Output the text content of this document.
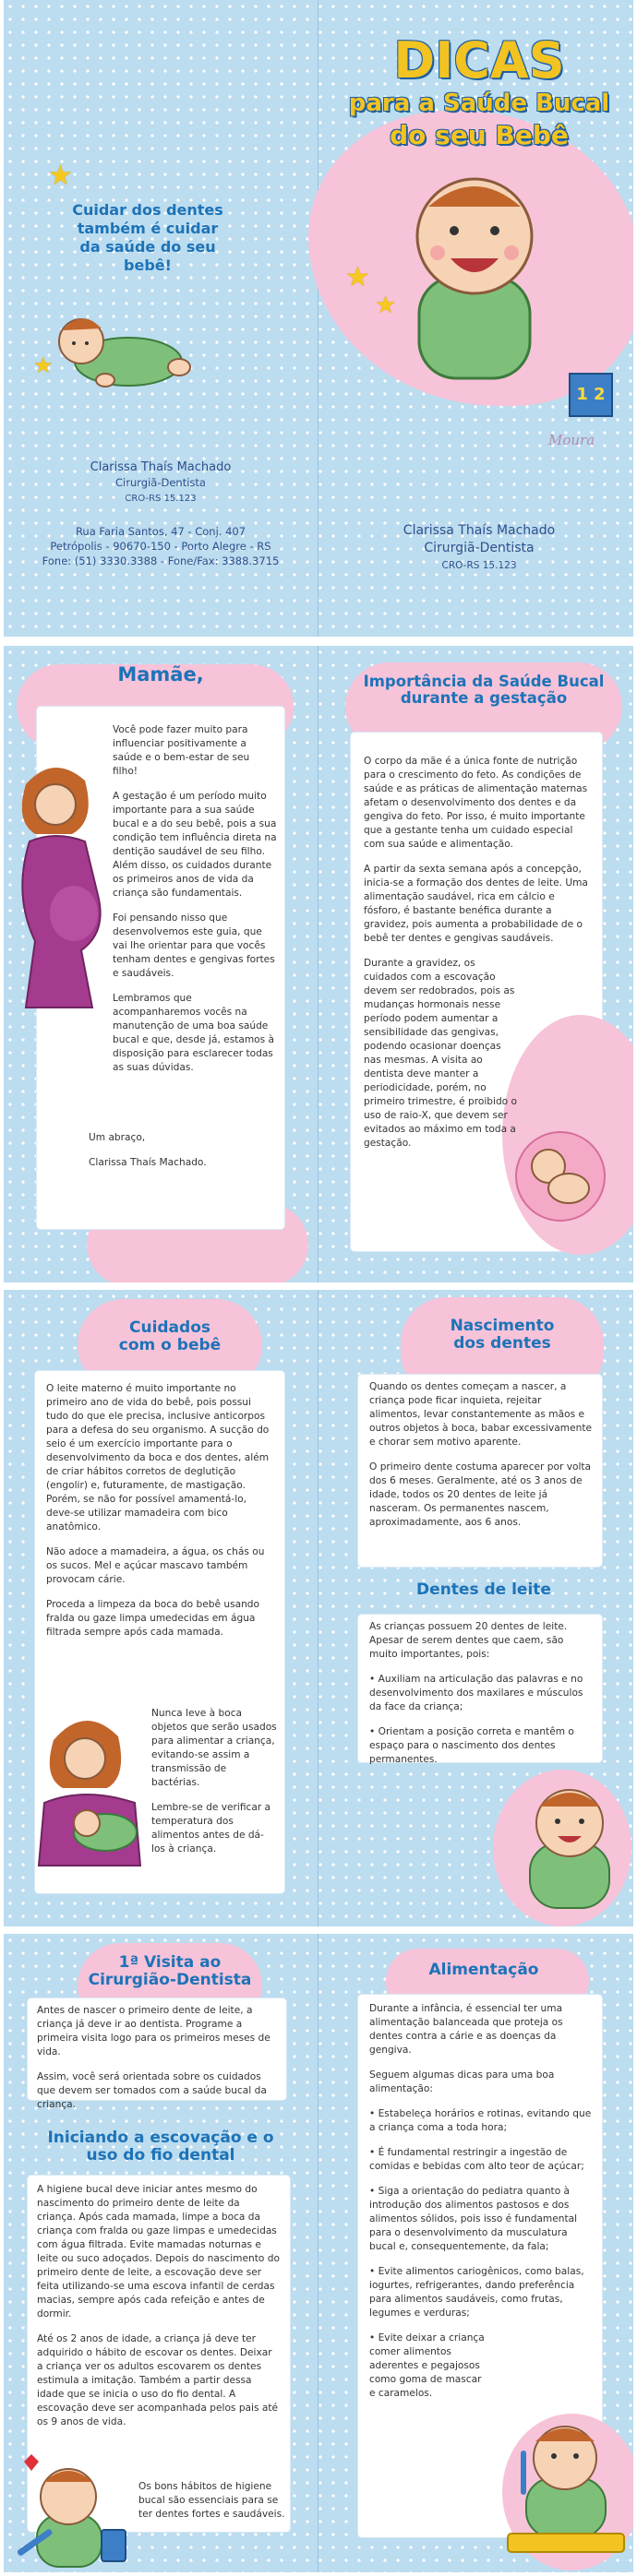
★
★
Cuidar dos dentes
também é cuidar
da saúde do seu
bebê!
Clarissa Thaís Machado
Cirurgiã-Dentista
CRO-RS 15.123
Rua Faria Santos, 47 - Conj. 407
Petrópolis - 90670-150 - Porto Alegre - RS
Fone: (51) 3330.3388 - Fone/Fax: 3388.3715
DICAS
para a Saúde Bucal
do seu Bebê
★
★
1 2
Moura
Clarissa Thaís Machado
Cirurgiã-Dentista
CRO-RS 15.123
Mamãe,

Você pode fazer muito para influenciar positivamente a saúde e o bem-estar de seu filho!

A gestação é um período muito importante para a sua saúde bucal e a do seu bebê, pois a sua condição tem influência direta na dentição saudável de seu filho. Além disso, os cuidados durante os primeiros anos de vida da criança são fundamentais.

Foi pensando nisso que desenvolvemos este guia, que vai lhe orientar para que vocês tenham dentes e gengivas fortes e saudáveis.

Lembramos que acompanharemos vocês na manutenção de uma boa saúde bucal e que, desde já, estamos à disposição para esclarecer todas as suas dúvidas.

Um abraço,

Clarissa Thaís Machado.

Importância da Saúde Bucal
durante a gestação

O corpo da mãe é a única fonte de nutrição para o crescimento do feto. As condições de saúde e as práticas de alimentação maternas afetam o desenvolvimento dos dentes e da gengiva do feto. Por isso, é muito importante que a gestante tenha um cuidado especial com sua saúde e alimentação.

A partir da sexta semana após a concepção, inicia-se a formação dos dentes de leite. Uma alimentação saudável, rica em cálcio e fósforo, é bastante benéfica durante a gravidez, pois aumenta a probabilidade de o bebê ter dentes e gengivas saudáveis.

Durante a gravidez, os cuidados com a escovação devem ser redobrados, pois as mudanças hormonais nesse período podem aumentar a sensibilidade das gengivas, podendo ocasionar doenças nas mesmas. A visita ao dentista deve manter a periodicidade, porém, no primeiro trimestre, é proibido o uso de raio-X, que devem ser evitados ao máximo em toda a gestação.

Cuidados
com o bebê

O leite materno é muito importante no primeiro ano de vida do bebê, pois possui tudo do que ele precisa, inclusive anticorpos para a defesa do seu organismo. A sucção do seio é um exercício importante para o desenvolvimento da boca e dos dentes, além de criar hábitos corretos de deglutição (engolir) e, futuramente, de mastigação. Porém, se não for possível amamentá-lo, deve-se utilizar mamadeira com bico anatômico.

Não adoce a mamadeira, a água, os chás ou os sucos. Mel e açúcar mascavo também provocam cárie.

Proceda a limpeza da boca do bebê usando fralda ou gaze limpa umedecidas em água filtrada sempre após cada mamada.

Nunca leve à boca objetos que serão usados para alimentar a criança, evitando-se assim a transmissão de bactérias.

Lembre-se de verificar a temperatura dos alimentos antes de dá-los à criança.

Nascimento
dos dentes

Quando os dentes começam a nascer, a criança pode ficar inquieta, rejeitar alimentos, levar constantemente as mãos e outros objetos à boca, babar excessivamente e chorar sem motivo aparente.

O primeiro dente costuma aparecer por volta dos 6 meses. Geralmente, até os 3 anos de idade, todos os 20 dentes de leite já nasceram. Os permanentes nascem, aproximadamente, aos 6 anos.

Dentes de leite

As crianças possuem 20 dentes de leite. Apesar de serem dentes que caem, são muito importantes, pois:

• Auxiliam na articulação das palavras e no desenvolvimento dos maxilares e músculos da face da criança;

• Orientam a posição correta e mantêm o espaço para o nascimento dos dentes permanentes.

1ª Visita ao
Cirurgião-Dentista

Antes de nascer o primeiro dente de leite, a criança já deve ir ao dentista. Programe a primeira visita logo para os primeiros meses de vida.

Assim, você será orientada sobre os cuidados que devem ser tomados com a saúde bucal da criança.

Iniciando a escovação e o
uso do fio dental

A higiene bucal deve iniciar antes mesmo do nascimento do primeiro dente de leite da criança. Após cada mamada, limpe a boca da criança com fralda ou gaze limpas e umedecidas com água filtrada. Evite mamadas noturnas e leite ou suco adoçados. Depois do nascimento do primeiro dente de leite, a escovação deve ser feita utilizando-se uma escova infantil de cerdas macias, sempre após cada refeição e antes de dormir.

Até os 2 anos de idade, a criança já deve ter adquirido o hábito de escovar os dentes. Deixar a criança ver os adultos escovarem os dentes estimula a imitação. Também a partir dessa idade que se inicia o uso do fio dental. A escovação deve ser acompanhada pelos pais até os 9 anos de vida.

Os bons hábitos de higiene bucal são essenciais para se ter dentes fortes e saudáveis.

Alimentação

Durante a infância, é essencial ter uma alimentação balanceada que proteja os dentes contra a cárie e as doenças da gengiva.

Seguem algumas dicas para uma boa alimentação:

• Estabeleça horários e rotinas, evitando que a criança coma a toda hora;

• É fundamental restringir a ingestão de comidas e bebidas com alto teor de açúcar;

• Siga a orientação do pediatra quanto à introdução dos alimentos pastosos e dos alimentos sólidos, pois isso é fundamental para o desenvolvimento da musculatura bucal e, consequentemente, da fala;

• Evite alimentos cariogênicos, como balas, iogurtes, refrigerantes, dando preferência para alimentos saudáveis, como frutas, legumes e verduras;

• Evite deixar a criança comer alimentos aderentes e pegajosos como goma de mascar e caramelos.
